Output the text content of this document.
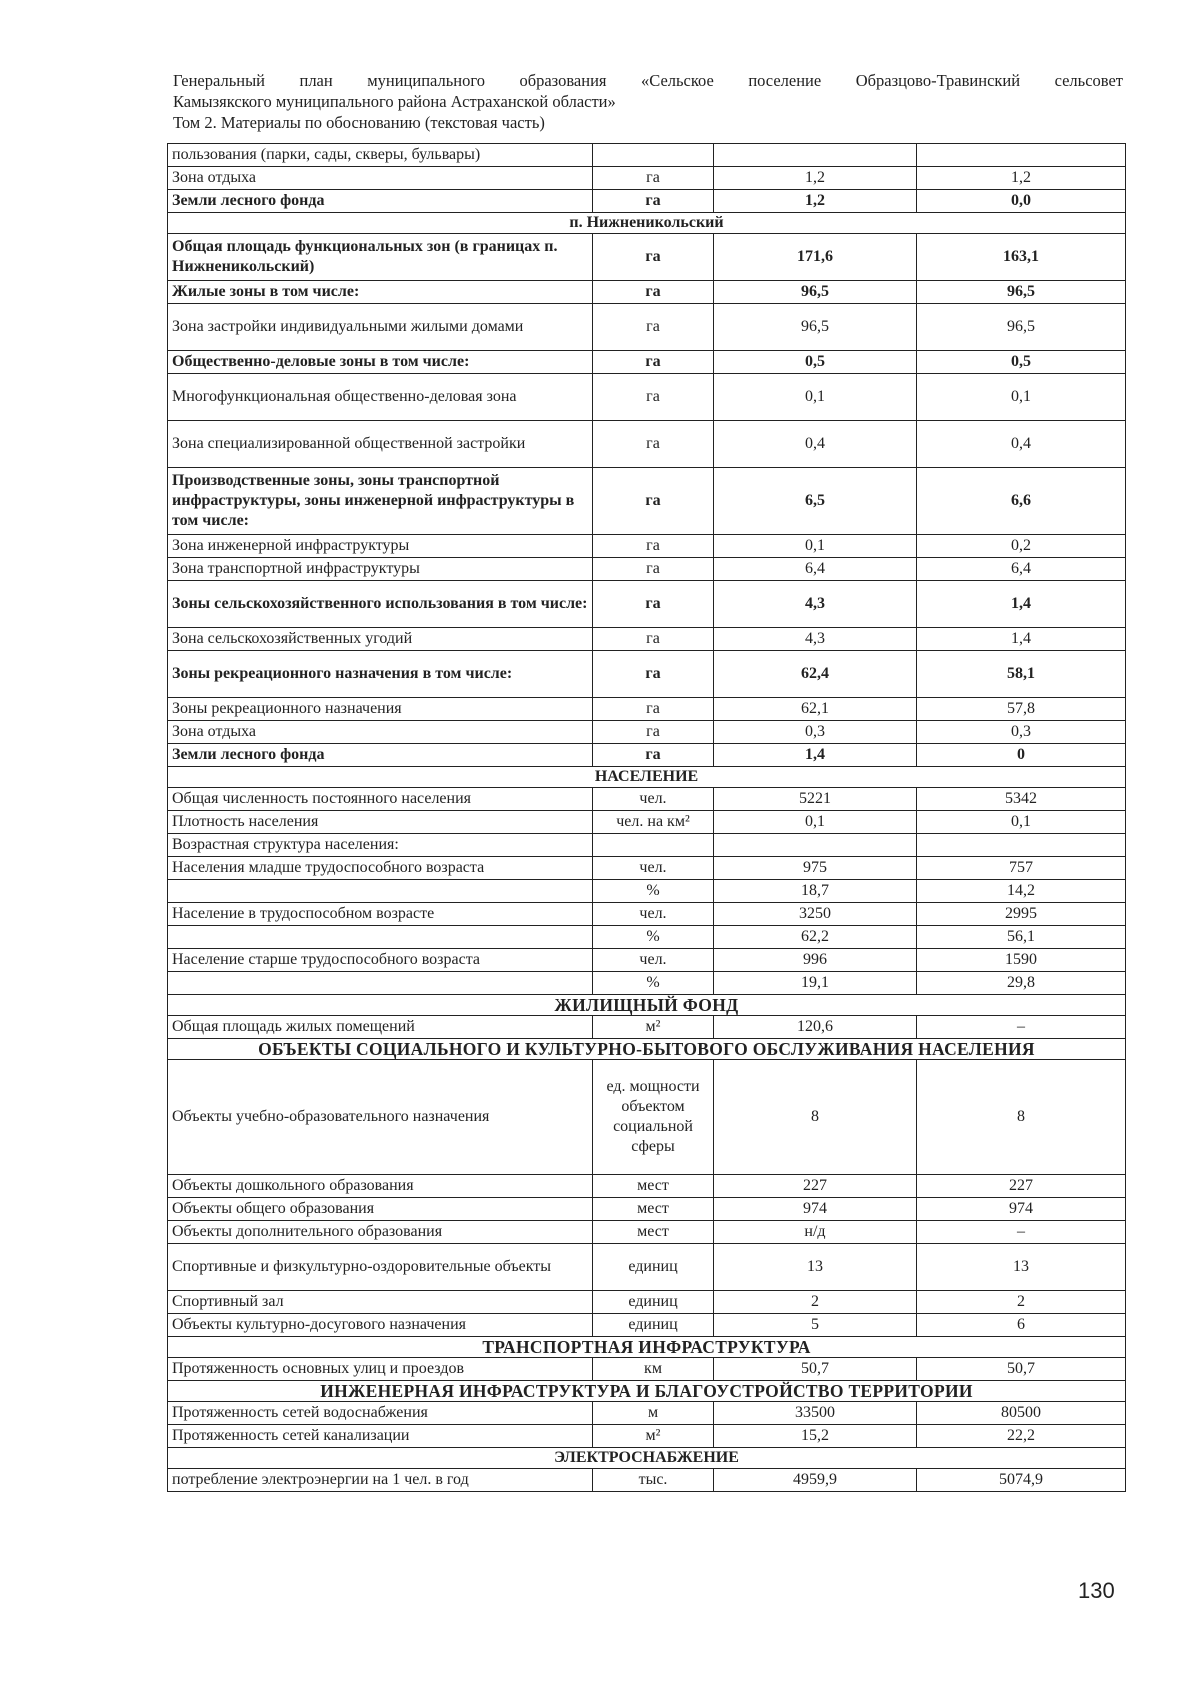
Генеральный план муниципального образования «Сельское поселение Образцово-Травинский сельсовет
Камызякского муниципального района Астраханской области»
Том 2. Материалы по обоснованию (текстовая часть)
пользования (парки, сады, скверы, бульвары)			
Зона отдыха	га	1,2	1,2
Земли лесного фонда	га	1,2	0,0
п. Нижненикольский			
Общая площадь функциональных зон (в границах п. Нижненикольский)	га	171,6	163,1
Жилые зоны в том числе:	га	96,5	96,5
Зона застройки индивидуальными жилыми домами	га	96,5	96,5
Общественно-деловые зоны в том числе:	га	0,5	0,5
Многофункциональная общественно-деловая зона	га	0,1	0,1
Зона специализированной общественной застройки	га	0,4	0,4
Производственные зоны, зоны транспортной инфраструктуры, зоны инженерной инфраструктуры в том числе:	га	6,5	6,6
Зона инженерной инфраструктуры	га	0,1	0,2
Зона транспортной инфраструктуры	га	6,4	6,4
Зоны сельскохозяйственного использования в том числе:	га	4,3	1,4
Зона сельскохозяйственных угодий	га	4,3	1,4
Зоны рекреационного назначения в том числе:	га	62,4	58,1
Зоны рекреационного назначения	га	62,1	57,8
Зона отдыха	га	0,3	0,3
Земли лесного фонда	га	1,4	0
НАСЕЛЕНИЕ			
Общая численность постоянного населения	чел.	5221	5342
Плотность населения	чел. на км²	0,1	0,1
Возрастная структура населения:			
Населения младше трудоспособного возраста	чел.	975	757
	%	18,7	14,2
Население в трудоспособном возрасте	чел.	3250	2995
	%	62,2	56,1
Население старше трудоспособного возраста	чел.	996	1590
	%	19,1	29,8
ЖИЛИЩНЫЙ ФОНД			
Общая площадь жилых помещений	м²	120,6	–
ОБЪЕКТЫ СОЦИАЛЬНОГО И КУЛЬТУРНО-БЫТОВОГО ОБСЛУЖИВАНИЯ НАСЕЛЕНИЯ			
Объекты учебно-образовательного назначения	ед. мощности объектом социальной сферы	8	8
Объекты дошкольного образования	мест	227	227
Объекты общего образования	мест	974	974
Объекты дополнительного образования	мест	н/д	–
Спортивные и физкультурно-оздоровительные объекты	единиц	13	13
Спортивный зал	единиц	2	2
Объекты культурно-досугового назначения	единиц	5	6
ТРАНСПОРТНАЯ ИНФРАСТРУКТУРА			
Протяженность основных улиц и проездов	км	50,7	50,7
ИНЖЕНЕРНАЯ ИНФРАСТРУКТУРА И БЛАГОУСТРОЙСТВО ТЕРРИТОРИИ			
Протяженность сетей водоснабжения	м	33500	80500
Протяженность сетей канализации	м²	15,2	22,2
ЭЛЕКТРОСНАБЖЕНИЕ			
потребление электроэнергии на 1 чел. в год	тыс.	4959,9	5074,9
130
